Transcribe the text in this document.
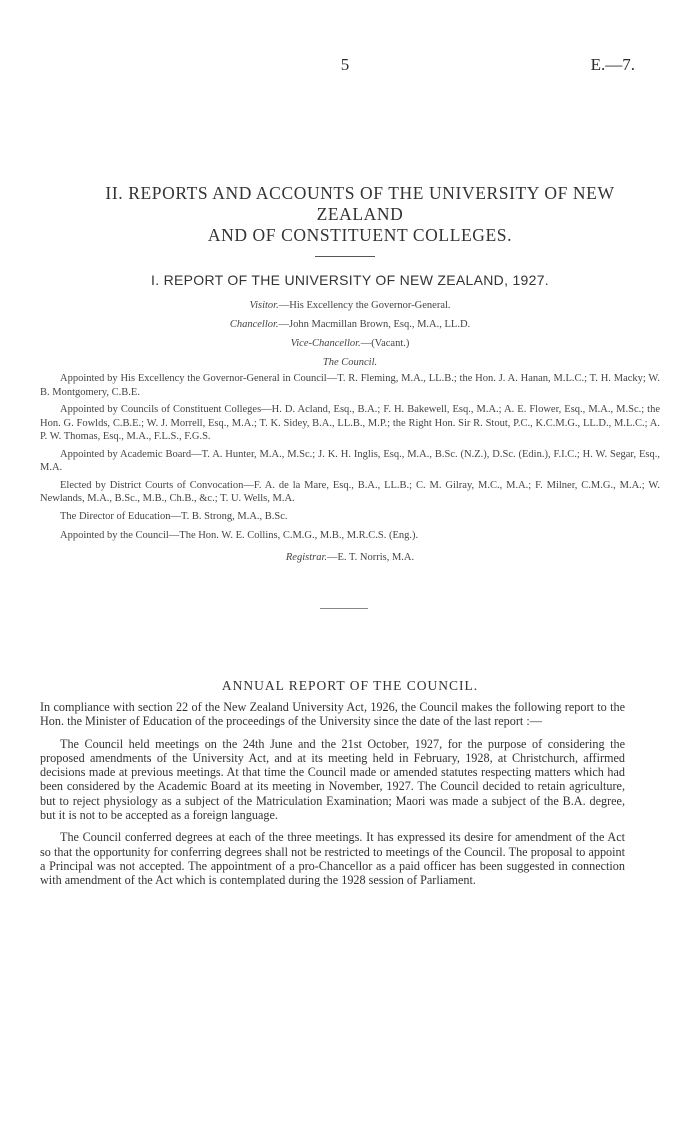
5	E.—7.
II. REPORTS AND ACCOUNTS OF THE UNIVERSITY OF NEW ZEALAND
AND OF CONSTITUENT COLLEGES.
I. REPORT OF THE UNIVERSITY OF NEW ZEALAND, 1927.

Visitor.—His Excellency the Governor-General.

Chancellor.—John Macmillan Brown, Esq., M.A., LL.D.

Vice-Chancellor.—(Vacant.)

The Council.

Appointed by His Excellency the Governor-General in Council—T. R. Fleming, M.A., LL.B.; the Hon. J. A. Hanan, M.L.C.; T. H. Macky; W. B. Montgomery, C.B.E.

Appointed by Councils of Constituent Colleges—H. D. Acland, Esq., B.A.; F. H. Bakewell, Esq., M.A.; A. E. Flower, Esq., M.A., M.Sc.; the Hon. G. Fowlds, C.B.E.; W. J. Morrell, Esq., M.A.; T. K. Sidey, B.A., LL.B., M.P.; the Right Hon. Sir R. Stout, P.C., K.C.M.G., LL.D., M.L.C.; A. P. W. Thomas, Esq., M.A., F.L.S., F.G.S.

Appointed by Academic Board—T. A. Hunter, M.A., M.Sc.; J. K. H. Inglis, Esq., M.A., B.Sc. (N.Z.), D.Sc. (Edin.), F.I.C.; H. W. Segar, Esq., M.A.

Elected by District Courts of Convocation—F. A. de la Mare, Esq., B.A., LL.B.; C. M. Gilray, M.C., M.A.; F. Milner, C.M.G., M.A.; W. Newlands, M.A., B.Sc., M.B., Ch.B., &c.; T. U. Wells, M.A.

The Director of Education—T. B. Strong, M.A., B.Sc.

Appointed by the Council—The Hon. W. E. Collins, C.M.G., M.B., M.R.C.S. (Eng.).

Registrar.—E. T. Norris, M.A.

ANNUAL REPORT OF THE COUNCIL.

In compliance with section 22 of the New Zealand University Act, 1926, the Council makes the following report to the Hon. the Minister of Education of the proceedings of the University since the date of the last report :—

The Council held meetings on the 24th June and the 21st October, 1927, for the purpose of considering the proposed amendments of the University Act, and at its meeting held in February, 1928, at Christchurch, affirmed decisions made at previous meetings. At that time the Council made or amended statutes respecting matters which had been considered by the Academic Board at its meeting in November, 1927. The Council decided to retain agriculture, but to reject physiology as a subject of the Matriculation Examination; Maori was made a subject of the B.A. degree, but it is not to be accepted as a foreign language.

The Council conferred degrees at each of the three meetings. It has expressed its desire for amendment of the Act so that the opportunity for conferring degrees shall not be restricted to meetings of the Council. The proposal to appoint a Principal was not accepted. The appointment of a pro-Chancellor as a paid officer has been suggested in connection with amendment of the Act which is contemplated during the 1928 session of Parliament.
